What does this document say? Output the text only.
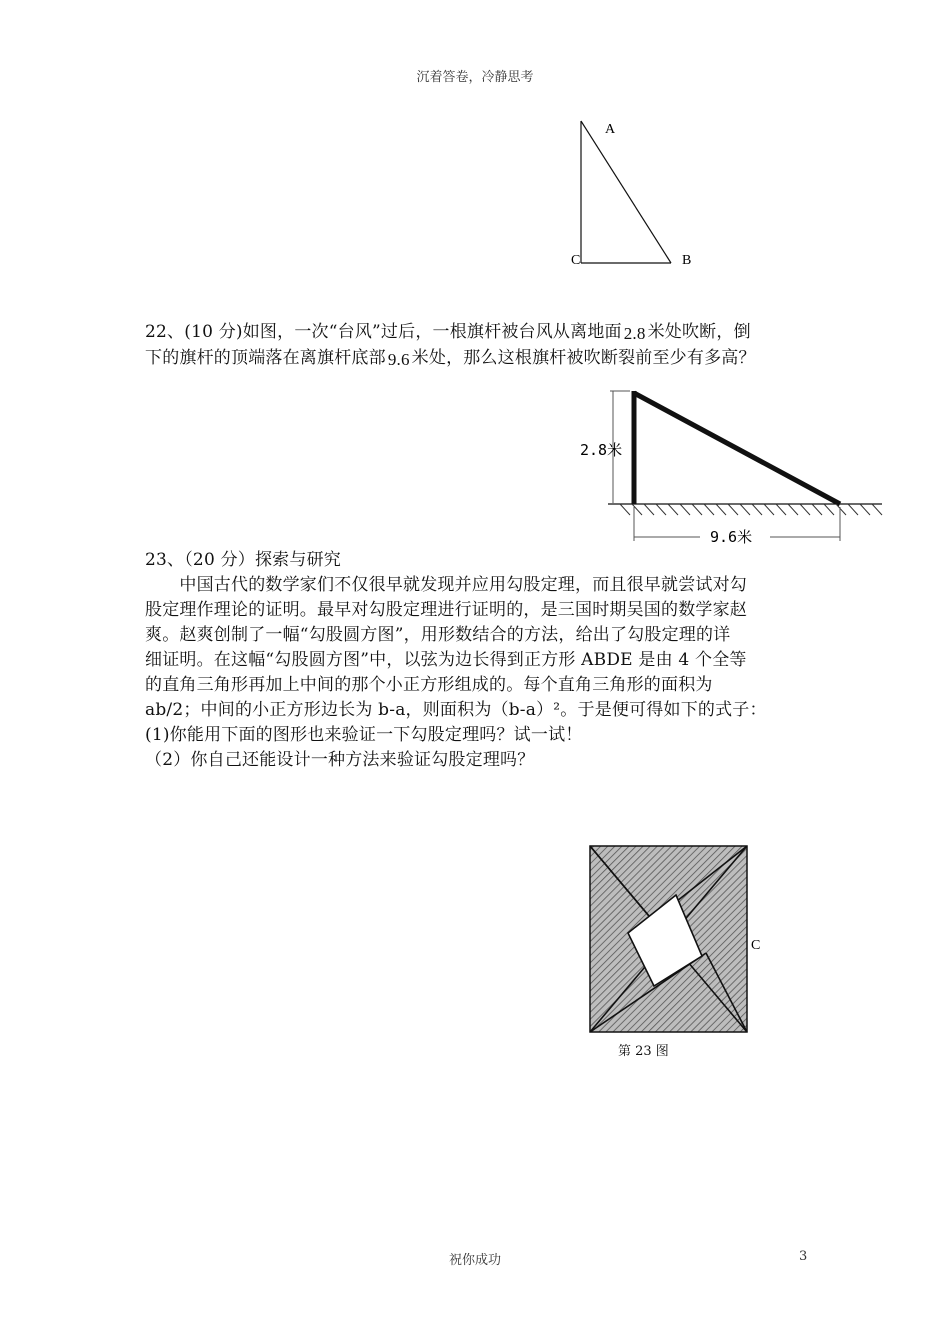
沉着答卷，冷静思考
A
B
C
22、(10 分)如图，一次“台风”过后，一根旗杆被台风从离地面 2.8 米处吹断，倒
下的旗杆的顶端落在离旗杆底部 9.6 米处，那么这根旗杆被吹断裂前至少有多高？
2.8米
9.6米
23、（20 分）探索与研究
　　中国古代的数学家们不仅很早就发现并应用勾股定理，而且很早就尝试对勾
股定理作理论的证明。最早对勾股定理进行证明的，是三国时期吴国的数学家赵
爽。赵爽创制了一幅“勾股圆方图”，用形数结合的方法，给出了勾股定理的详
细证明。在这幅“勾股圆方图”中，以弦为边长得到正方形 ABDE 是由 4 个全等
的直角三角形再加上中间的那个小正方形组成的。每个直角三角形的面积为
ab/2；中间的小正方形边长为 b-a，则面积为（b-a）²。于是便可得如下的式子：
(1)你能用下面的图形也来验证一下勾股定理吗？试一试！
（2）你自己还能设计一种方法来验证勾股定理吗？
C
第 23 图
祝你成功	3
